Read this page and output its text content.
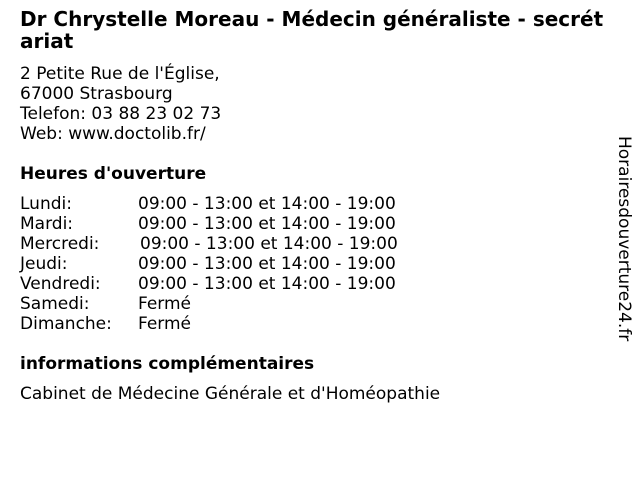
Dr Chrystelle Moreau - Médecin généraliste - secrétariat
2 Petite Rue de l'Église,
67000 Strasbourg
Telefon: 03 88 23 02 73
Web: www.doctolib.fr/
Heures d'ouverture
Lundi:	09:00 - 13:00 et 14:00 - 19:00
Mardi:	09:00 - 13:00 et 14:00 - 19:00
Mercredi: 09:00 - 13:00 et 14:00 - 19:00
Jeudi:	09:00 - 13:00 et 14:00 - 19:00
Vendredi: 09:00 - 13:00 et 14:00 - 19:00
Samedi:	Fermé
Dimanche: Fermé
informations complémentaires
Cabinet de Médecine Générale et d'Homéopathie
Horairesdouverture24.fr
